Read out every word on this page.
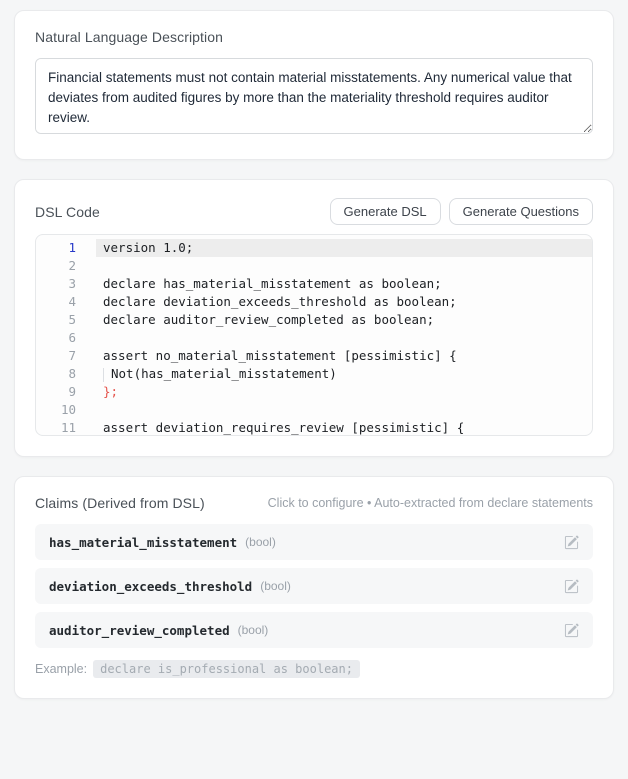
Natural Language Description
Financial statements must not contain material misstatements. Any numerical value that deviates from audited figures by more than the materiality threshold requires auditor review.
DSL Code	Generate DSL	Generate Questions
1	version 1.0;
2
3	declare has_material_misstatement as boolean;
4	declare deviation_exceeds_threshold as boolean;
5	declare auditor_review_completed as boolean;
6
7	assert no_material_misstatement [pessimistic] {
8	Not(has_material_misstatement)
9	};
10
11	assert deviation_requires_review [pessimistic] {
Claims (Derived from DSL)	Click to configure • Auto-extracted from declare statements
has_material_misstatement (bool)
deviation_exceeds_threshold (bool)
auditor_review_completed (bool)
Example:	declare is_professional as boolean;
